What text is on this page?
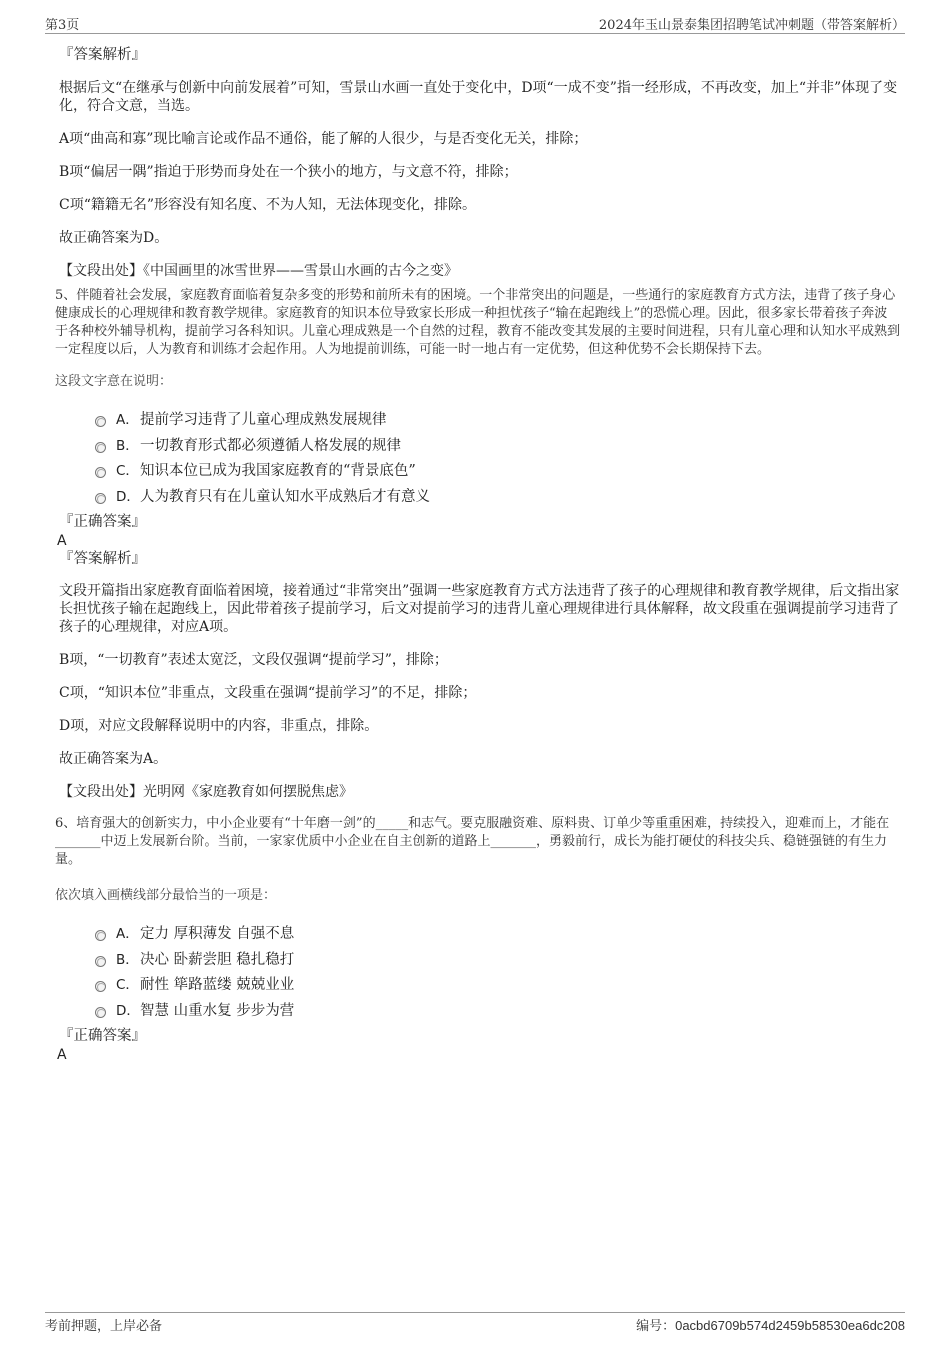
第3页	2024年玉山景泰集团招聘笔试冲刺题（带答案解析）
『答案解析』
根据后文“在继承与创新中向前发展着”可知，雪景山水画一直处于变化中，D项“一成不变”指一经形成，不再改变，加上“并非”体现了变化，符合文意，当选。
A项“曲高和寡”现比喻言论或作品不通俗，能了解的人很少，与是否变化无关，排除；
B项“偏居一隅”指迫于形势而身处在一个狭小的地方，与文意不符，排除；
C项“籍籍无名”形容没有知名度、不为人知，无法体现变化，排除。
故正确答案为D。
【文段出处】《中国画里的冰雪世界——雪景山水画的古今之变》
5、伴随着社会发展，家庭教育面临着复杂多变的形势和前所未有的困境。一个非常突出的问题是，一些通行的家庭教育方式方法，违背了孩子身心健康成长的心理规律和教育教学规律。家庭教育的知识本位导致家长形成一种担忧孩子“输在起跑线上”的恐慌心理。因此，很多家长带着孩子奔波于各种校外辅导机构，提前学习各科知识。儿童心理成熟是一个自然的过程，教育不能改变其发展的主要时间进程，只有儿童心理和认知水平成熟到一定程度以后，人为教育和训练才会起作用。人为地提前训练，可能一时一地占有一定优势，但这种优势不会长期保持下去。
这段文字意在说明：
A．提前学习违背了儿童心理成熟发展规律
B．一切教育形式都必须遵循人格发展的规律
C．知识本位已成为我国家庭教育的“背景底色”
D．人为教育只有在儿童认知水平成熟后才有意义
『正确答案』
A
『答案解析』
文段开篇指出家庭教育面临着困境，接着通过“非常突出”强调一些家庭教育方式方法违背了孩子的心理规律和教育教学规律，后文指出家长担忧孩子输在起跑线上，因此带着孩子提前学习，后文对提前学习的违背儿童心理规律进行具体解释，故文段重在强调提前学习违背了孩子的心理规律，对应A项。
B项，“一切教育”表述太宽泛，文段仅强调“提前学习”，排除；
C项，“知识本位”非重点，文段重在强调“提前学习”的不足，排除；
D项，对应文段解释说明中的内容，非重点，排除。
故正确答案为A。
【文段出处】光明网《家庭教育如何摆脱焦虑》
6、培育强大的创新实力，中小企业要有“十年磨一剑”的_____和志气。要克服融资难、原料贵、订单少等重重困难，持续投入，迎难而上，才能在_______中迈上发展新台阶。当前，一家家优质中小企业在自主创新的道路上_______，勇毅前行，成长为能打硬仗的科技尖兵、稳链强链的有生力量。
依次填入画横线部分最恰当的一项是：
A．定力 厚积薄发 自强不息
B．决心 卧薪尝胆 稳扎稳打
C．耐性 筚路蓝缕 兢兢业业
D．智慧 山重水复 步步为营
『正确答案』
A
考前押题，上岸必备	编号：0acbd6709b574d2459b58530ea6dc208
